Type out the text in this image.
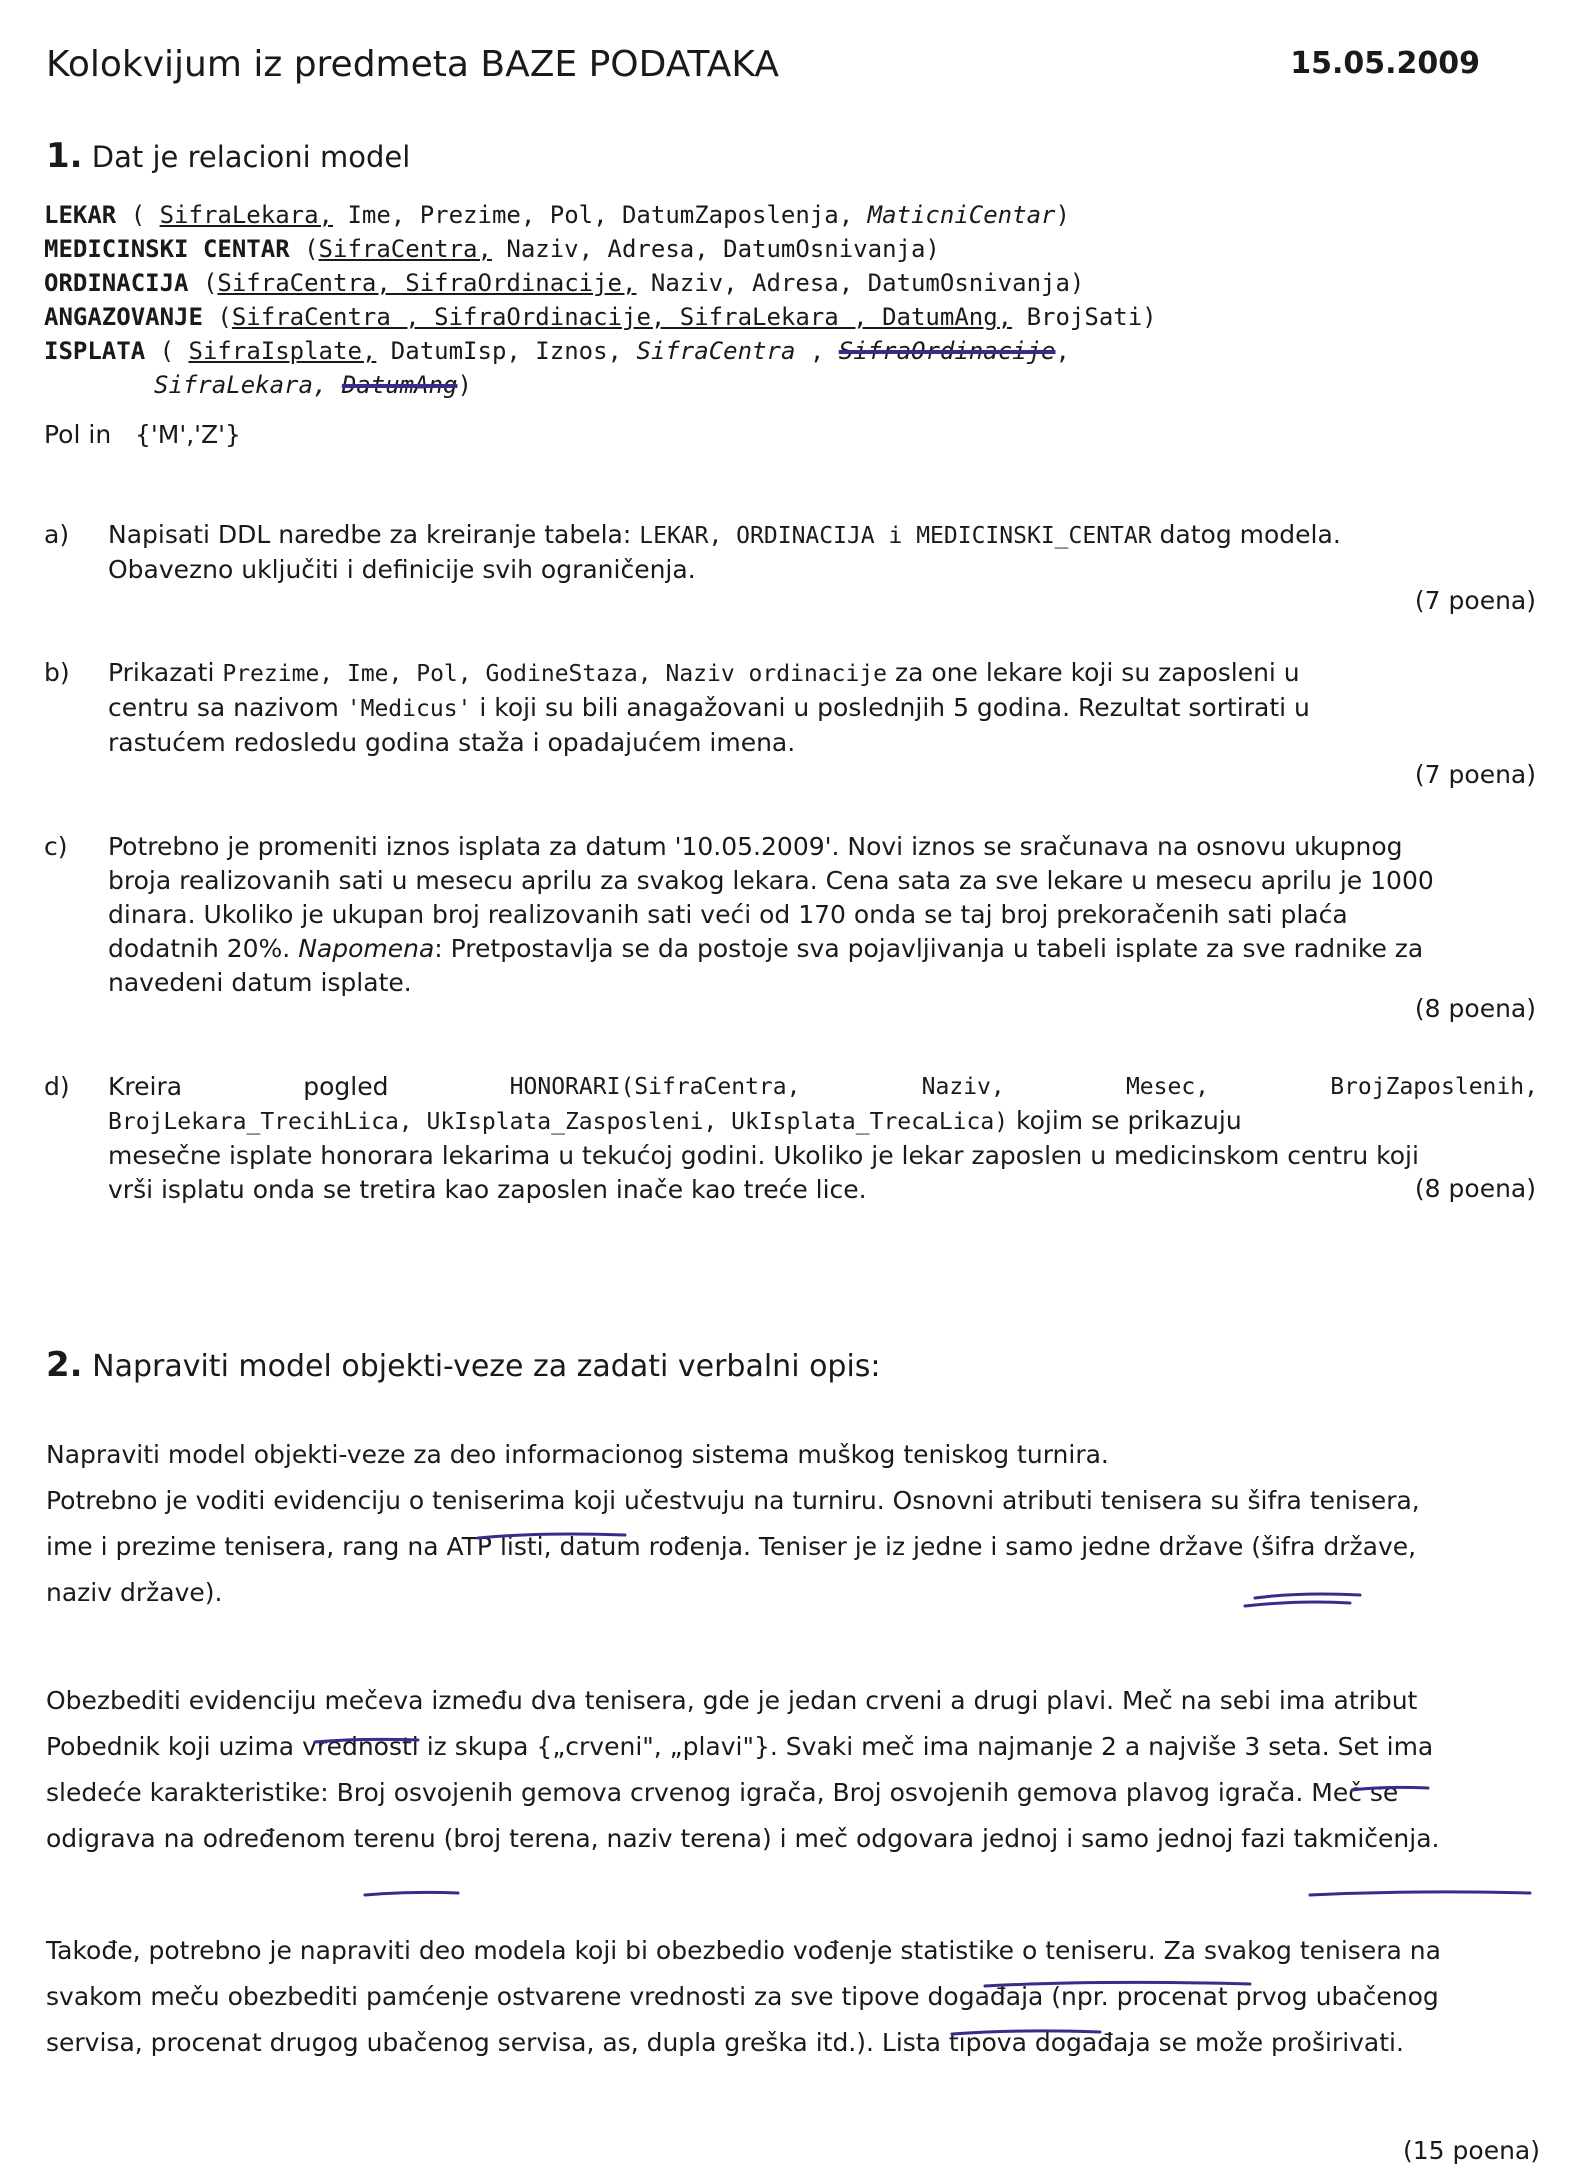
Kolokvijum iz predmeta BAZE PODATAKA	15.05.2009
1. Dat je relacioni model
LEKAR ( SifraLekara, Ime, Prezime, Pol, DatumZaposlenja, MaticniCentar)
MEDICINSKI CENTAR (SifraCentra, Naziv, Adresa, DatumOsnivanja)
ORDINACIJA (SifraCentra, SifraOrdinacije, Naziv, Adresa, DatumOsnivanja)
ANGAZOVANJE (SifraCentra , SifraOrdinacije, SifraLekara , DatumAng, BrojSati)
ISPLATA ( SifraIsplate, DatumIsp, Iznos, SifraCentra , SifraOrdinacije,
SifraLekara, DatumAng)
Pol in {'M','Z'}
a) Napisati DDL naredbe za kreiranje tabela: LEKAR, ORDINACIJA i MEDICINSKI_CENTAR datog modela.
Obavezno uključiti i definicije svih ograničenja.
(7 poena)
b) Prikazati Prezime, Ime, Pol, GodineStaza, Naziv ordinacije za one lekare koji su zaposleni u
centru sa nazivom 'Medicus' i koji su bili anagažovani u poslednjih 5 godina. Rezultat sortirati u
rastućem redosledu godina staža i opadajućem imena.
(7 poena)
c) Potrebno je promeniti iznos isplata za datum '10.05.2009'. Novi iznos se sračunava na osnovu ukupnog
broja realizovanih sati u mesecu aprilu za svakog lekara. Cena sata za sve lekare u mesecu aprilu je 1000
dinara. Ukoliko je ukupan broj realizovanih sati veći od 170 onda se taj broj prekoračenih sati plaća
dodatnih 20%. Napomena: Pretpostavlja se da postoje sva pojavljivanja u tabeli isplate za sve radnike za
navedeni datum isplate.
(8 poena)
d) Kreira	pogled	HONORARI(SifraCentra,	Naziv,	Mesec,	BrojZaposlenih,
BrojLekara_TrecihLica, UkIsplata_Zasposleni, UkIsplata_TrecaLica) kojim se prikazuju
mesečne isplate honorara lekarima u tekućoj godini. Ukoliko je lekar zaposlen u medicinskom centru koji
vrši isplatu onda se tretira kao zaposlen inače kao treće lice.	(8 poena)
2. Napraviti model objekti-veze za zadati verbalni opis:
Napraviti model objekti-veze za deo informacionog sistema muškog teniskog turnira.
Potrebno je voditi evidenciju o teniserima koji učestvuju na turniru. Osnovni atributi tenisera su šifra tenisera,
ime i prezime tenisera, rang na ATP listi, datum rođenja. Teniser je iz jedne i samo jedne države (šifra države,
naziv države).
Obezbediti evidenciju mečeva između dva tenisera, gde je jedan crveni a drugi plavi. Meč na sebi ima atribut
Pobednik koji uzima vrednosti iz skupa {„crveni", „plavi"}. Svaki meč ima najmanje 2 a najviše 3 seta. Set ima
sledeće karakteristike: Broj osvojenih gemova crvenog igrača, Broj osvojenih gemova plavog igrača. Meč se
odigrava na određenom terenu (broj terena, naziv terena) i meč odgovara jednoj i samo jednoj fazi takmičenja.
Takođe, potrebno je napraviti deo modela koji bi obezbedio vođenje statistike o teniseru. Za svakog tenisera na
svakom meču obezbediti pamćenje ostvarene vrednosti za sve tipove događaja (npr. procenat prvog ubačenog
servisa, procenat drugog ubačenog servisa, as, dupla greška itd.). Lista tipova događaja se može proširivati.
(15 poena)
